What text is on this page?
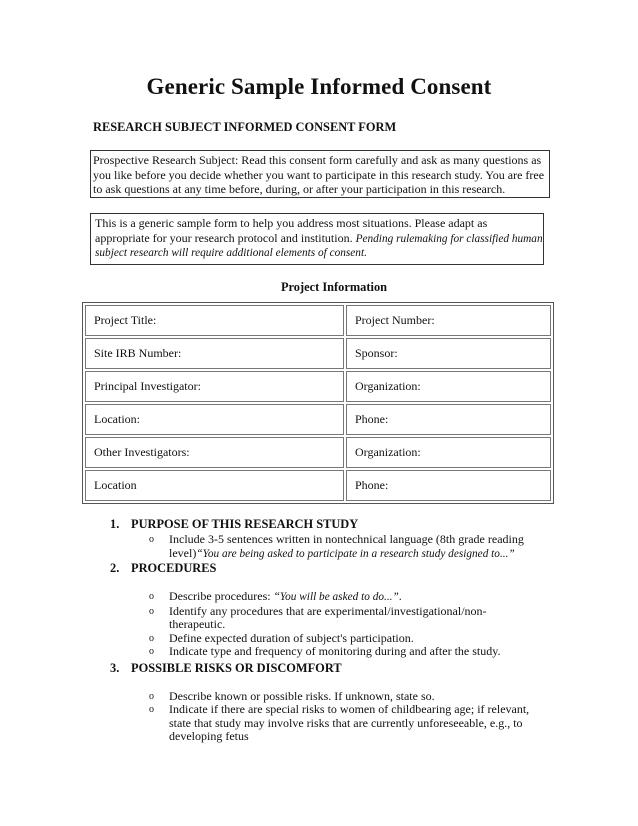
Generic Sample Informed Consent
RESEARCH SUBJECT INFORMED CONSENT FORM
Prospective Research Subject: Read this consent form carefully and ask as many questions as
you like before you decide whether you want to participate in this research study. You are free
to ask questions at any time before, during, or after your participation in this research.
This is a generic sample form to help you address most situations. Please adapt as
appropriate for your research protocol and institution. Pending rulemaking for classified human
subject research will require additional elements of consent.
Project Information
Project Title:	Project Number:
Site IRB Number:	Sponsor:
Principal Investigator:	Organization:
Location:	Phone:
Other Investigators:	Organization:
Location	Phone:
1. PURPOSE OF THIS RESEARCH STUDY
o Include 3-5 sentences written in nontechnical language (8th grade reading
level)“You are being asked to participate in a research study designed to...”
2. PROCEDURES
o Describe procedures: “You will be asked to do...”.
o Identify any procedures that are experimental/investigational/non-
therapeutic.
o Define expected duration of subject's participation.
o Indicate type and frequency of monitoring during and after the study.
3. POSSIBLE RISKS OR DISCOMFORT
o Describe known or possible risks. If unknown, state so.
o Indicate if there are special risks to women of childbearing age; if relevant,
state that study may involve risks that are currently unforeseeable, e.g., to
developing fetus
